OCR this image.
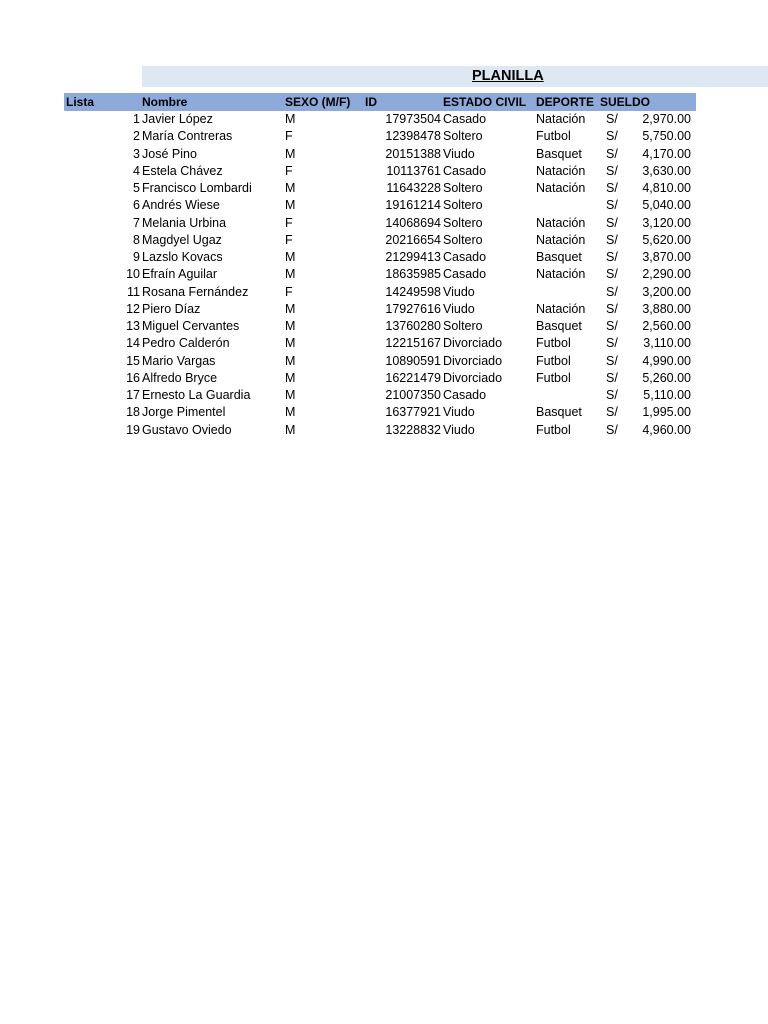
PLANILLA
Lista	Nombre	SEXO (M/F) ID	ESTADO CIVIL DEPORTE SUELDO
1 Javier López	M	17973504 Casado	Natación S/ 2,970.00
2 María Contreras	F	12398478 Soltero	Futbol	S/ 5,750.00
3 José Pino	M	20151388 Viudo	Basquet S/ 4,170.00
4 Estela Chávez	F	10113761 Casado	Natación S/ 3,630.00
5 Francisco Lombardi	M	11643228 Soltero	Natación S/ 4,810.00
6 Andrés Wiese	M	19161214 Soltero	S/ 5,040.00
7 Melania Urbina	F	14068694 Soltero	Natación S/ 3,120.00
8 Magdyel Ugaz	F	20216654 Soltero	Natación S/ 5,620.00
9 Lazslo Kovacs	M	21299413 Casado	Basquet S/ 3,870.00
10 Efraín Aguilar	M	18635985 Casado	Natación S/ 2,290.00
11 Rosana Fernández	F	14249598 Viudo	S/ 3,200.00
12 Piero Díaz	M	17927616 Viudo	Natación S/ 3,880.00
13 Miguel Cervantes	M	13760280 Soltero	Basquet S/ 2,560.00
14 Pedro Calderón	M	12215167 Divorciado	Futbol	S/ 3,110.00
15 Mario Vargas	M	10890591 Divorciado	Futbol	S/ 4,990.00
16 Alfredo Bryce	M	16221479 Divorciado	Futbol	S/ 5,260.00
17 Ernesto La Guardia	M	21007350 Casado	S/ 5,110.00
18 Jorge Pimentel	M	16377921 Viudo	Basquet S/ 1,995.00
19 Gustavo Oviedo	M	13228832 Viudo	Futbol	S/ 4,960.00
